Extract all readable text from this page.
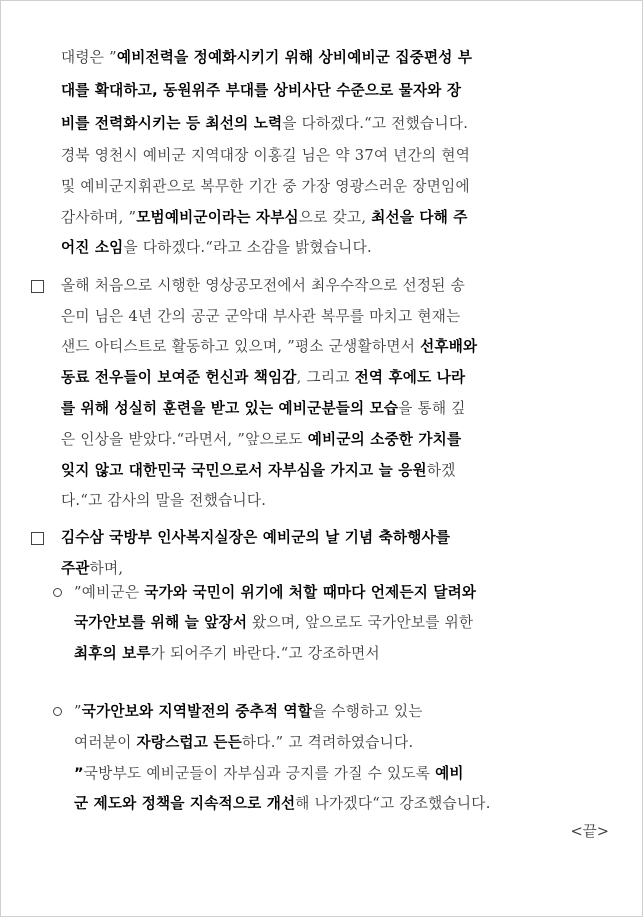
대령은 ”예비전력을 정예화시키기 위해 상비예비군 집중편성 부
대를 확대하고, 동원위주 부대를 상비사단 수준으로 물자와 장
비를 전력화시키는 등 최선의 노력을 다하겠다.“고 전했습니다.
경북 영천시 예비군 지역대장 이홍길 님은 약 37여 년간의 현역
및 예비군지휘관으로 복무한 기간 중 가장 영광스러운 장면임에
감사하며, ”모범예비군이라는 자부심으로 갖고, 최선을 다해 주
어진 소임을 다하겠다.“라고 소감을 밝혔습니다.
올해 처음으로 시행한 영상공모전에서 최우수작으로 선정된 송
은미 님은 4년 간의 공군 군악대 부사관 복무를 마치고 현재는
샌드 아티스트로 활동하고 있으며, ”평소 군생활하면서 선후배와
동료 전우들이 보여준 헌신과 책임감, 그리고 전역 후에도 나라
를 위해 성실히 훈련을 받고 있는 예비군분들의 모습을 통해 깊
은 인상을 받았다.“라면서, ”앞으로도 예비군의 소중한 가치를
잊지 않고 대한민국 국민으로서 자부심을 가지고 늘 응원하겠
다.“고 감사의 말을 전했습니다.
김수삼 국방부 인사복지실장은 예비군의 날 기념 축하행사를
주관하며,
”예비군은 국가와 국민이 위기에 처할 때마다 언제든지 달려와
국가안보를 위해 늘 앞장서 왔으며, 앞으로도 국가안보를 위한
최후의 보루가 되어주기 바란다.“고 강조하면서
”국가안보와 지역발전의 중추적 역할을 수행하고 있는
여러분이 자랑스럽고 든든하다.” 고 격려하였습니다.
”국방부도 예비군들이 자부심과 긍지를 가질 수 있도록 예비
군 제도와 정책을 지속적으로 개선해 나가겠다“고 강조했습니다.
<끝>
